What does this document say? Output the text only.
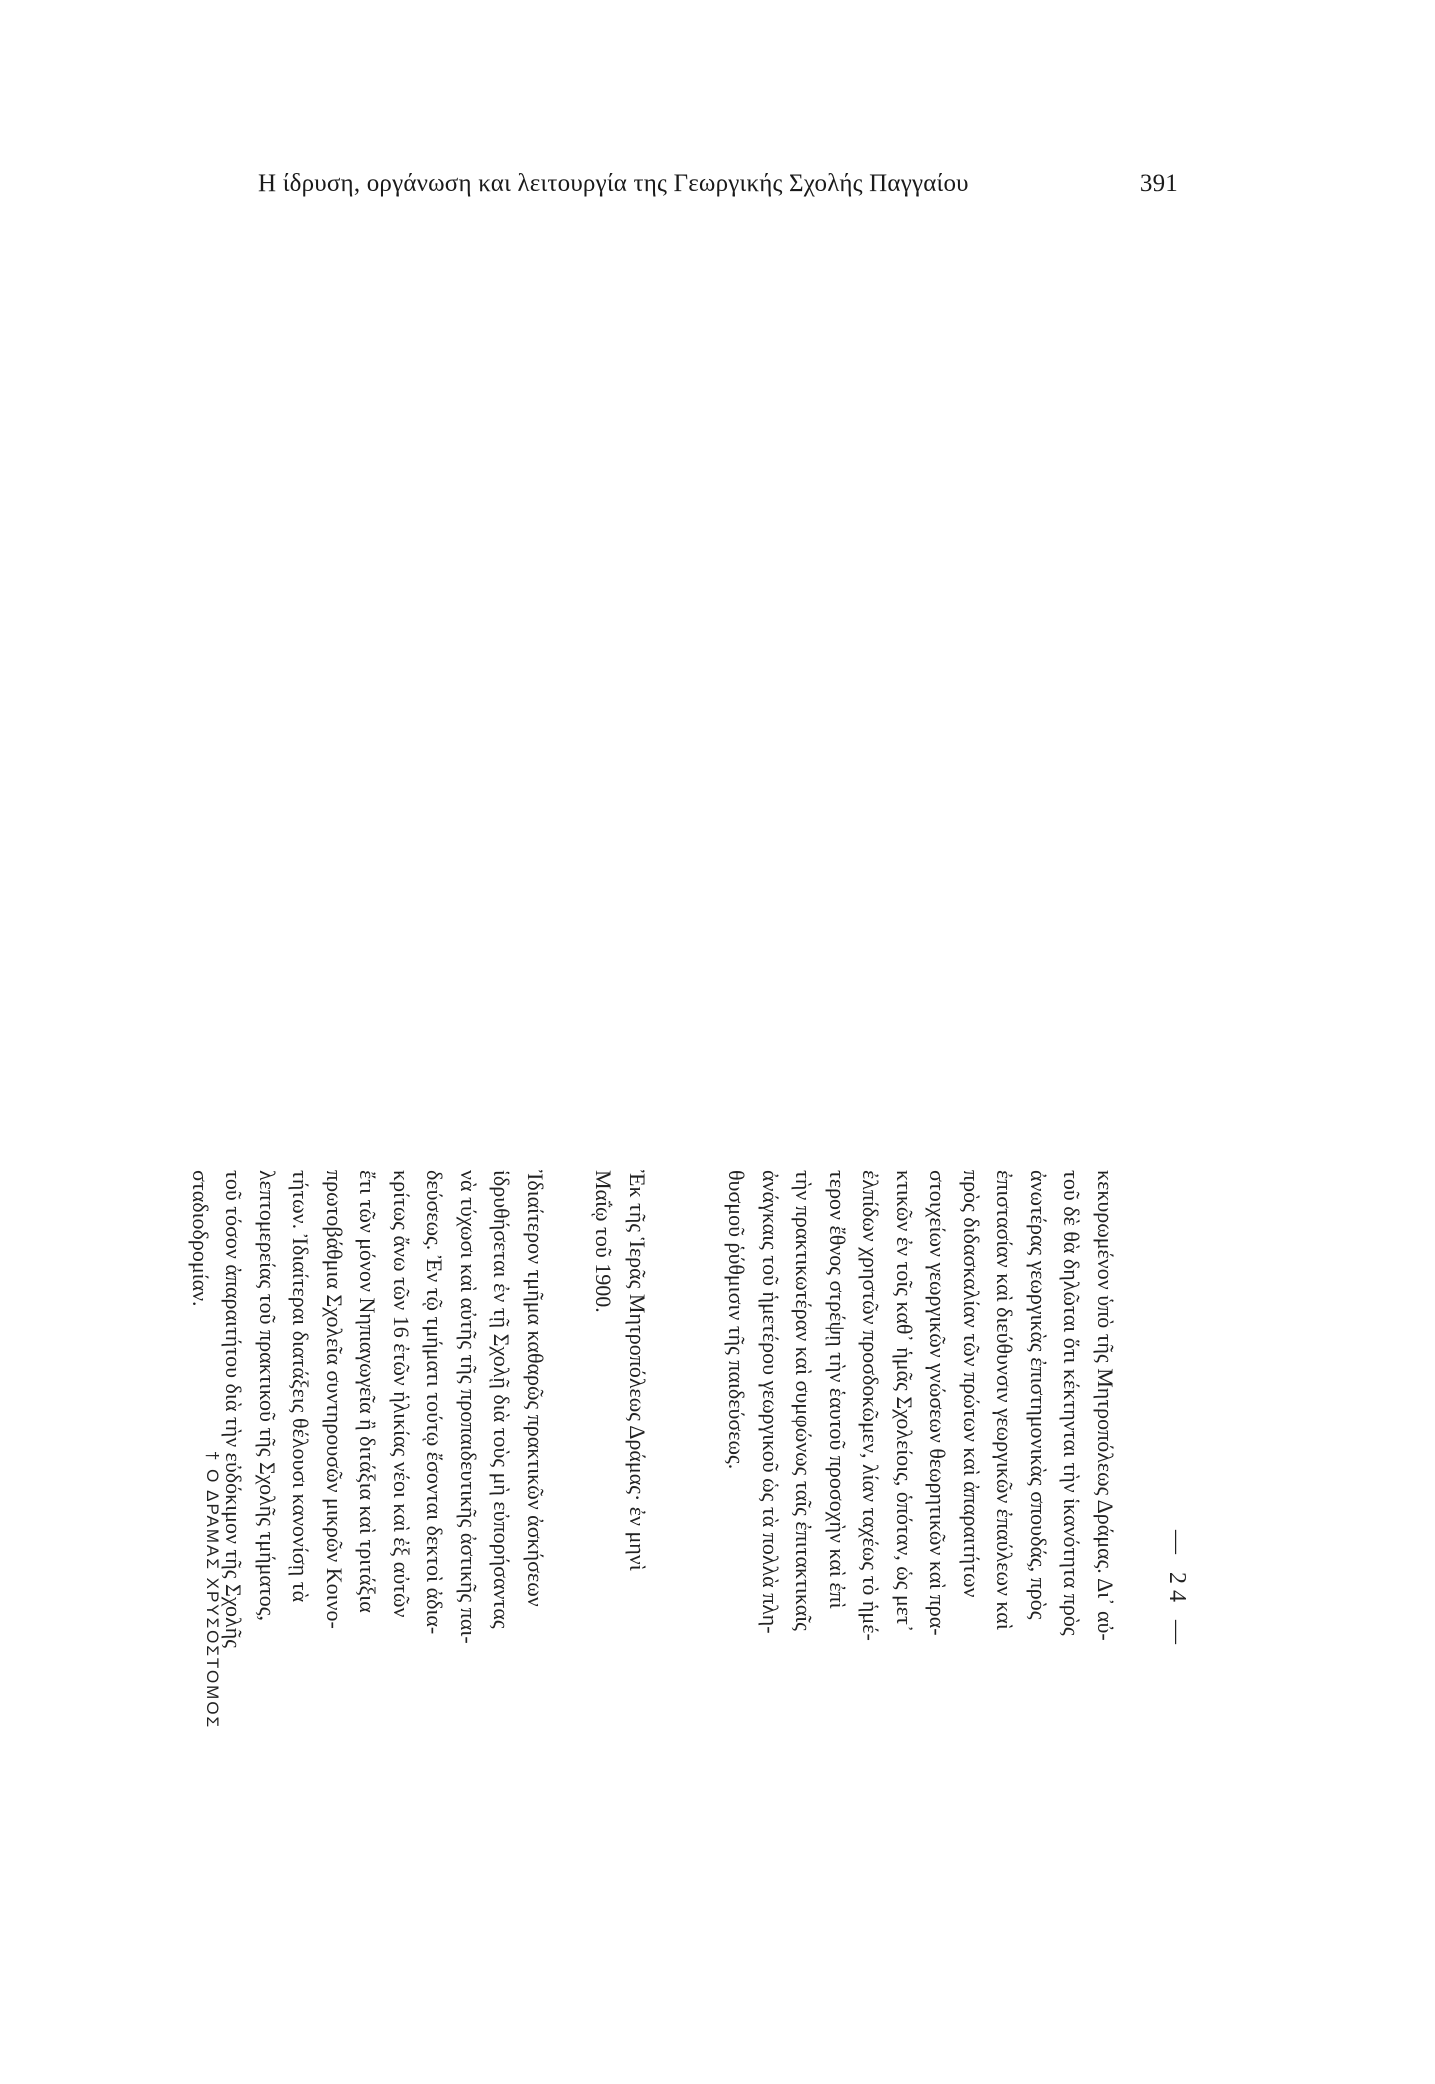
Η ίδρυση, οργάνωση και λειτουργία της Γεωργικής Σχολής Παγγαίου	391
— 24 —
κεκυρωμένον ὑπὸ τῆς Μητροπόλεως Δράμας. Δι᾽ αὐ-
τοῦ δὲ θὰ δηλῶται ὅτι κέκτηνται τὴν ἱκανότητα πρὸς
ἀνωτέρας γεωργικὰς ἐπιστημονικὰς σπουδάς, πρὸς
ἐπιστασίαν καὶ διεύθυνσιν γεωργικῶν ἐπαύλεων καὶ
πρὸς διδασκαλίαν τῶν πρώτων καὶ ἀπαραιτήτων
στοιχείων γεωργικῶν γνώσεων θεωρητικῶν καὶ πρα-
κτικῶν ἐν τοῖς καθ᾽ ἡμᾶς Σχολείοις, ὁπόταν, ὡς μετ᾽
ἐλπίδων χρηστῶν προσδοκῶμεν, λίαν ταχέως τὸ ἡμέ-
τερον ἔθνος στρέψῃ τὴν ἑαυτοῦ προσοχὴν καὶ ἐπὶ
τὴν πρακτικωτέραν καὶ συμφώνως ταῖς ἐπιτακτικαῖς
ἀνάγκαις τοῦ ἡμετέρου γεωργικοῦ ὡς τὰ πολλὰ πλη-
θυσμοῦ ῥύθμισιν τῆς παιδεύσεως.
Ἐκ τῆς Ἱερᾶς Μητροπόλεως Δράμας· ἐν μηνὶ
Μαΐῳ τοῦ 1900.
Ἰδιαίτερον τμῆμα καθαρῶς πρακτικῶν ἀσκήσεων
ἱδρυθήσεται ἐν τῇ Σχολῇ διὰ τοὺς μὴ εὐπορήσαντας
νὰ τύχωσι καὶ αὐτῆς τῆς προπαιδευτικῆς ἀστικῆς παι-
δεύσεως. Ἐν τῷ τμήματι τούτῳ ἔσονται δεκτοὶ ἀδια-
κρίτως ἄνω τῶν 16 ἐτῶν ἡλικίας νέοι καὶ ἐξ αὐτῶν
ἔτι τῶν μόνον Νηπιαγωγεῖα ἢ διτάξια καὶ τριτάξια
πρωτοβάθμια Σχολεῖα συντηρουσῶν μικρῶν Κοινο-
τήτων. Ἰδιαίτεραι διατάξεις θέλουσι κανονίσῃ τὰ
λεπτομερείας τοῦ πρακτικοῦ τῆς Σχολῆς τμήματος,
τοῦ τόσον ἀπαραιτήτου διὰ τὴν εὐδόκιμον τῆς Σχολῆς
σταδιοδρομίαν.
† Ο ΔΡΑΜΑΣ ΧΡΥΣΟΣΤΟΜΟΣ
